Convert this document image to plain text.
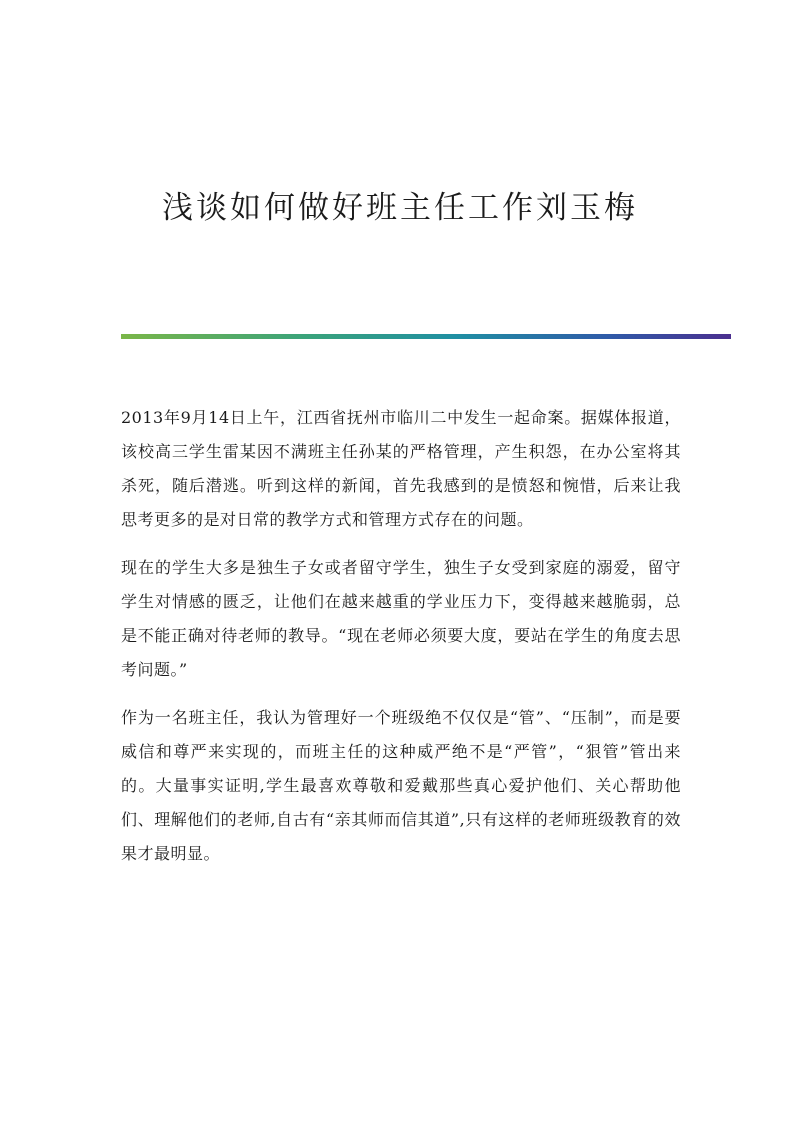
浅谈如何做好班主任工作刘玉梅

2013年9月14日上午，江西省抚州市临川二中发生一起命案。据媒体报道，该校高三学生雷某因不满班主任孙某的严格管理，产生积怨，在办公室将其杀死，随后潜逃。听到这样的新闻，首先我感到的是愤怒和惋惜，后来让我思考更多的是对日常的教学方式和管理方式存在的问题。

现在的学生大多是独生子女或者留守学生，独生子女受到家庭的溺爱，留守学生对情感的匮乏，让他们在越来越重的学业压力下，变得越来越脆弱，总是不能正确对待老师的教导。“现在老师必须要大度，要站在学生的角度去思考问题。”

作为一名班主任，我认为管理好一个班级绝不仅仅是“管”、“压制”，而是要威信和尊严来实现的，而班主任的这种威严绝不是“严管”，“狠管”管出来的。大量事实证明,学生最喜欢尊敬和爱戴那些真心爱护他们、关心帮助他们、理解他们的老师,自古有“亲其师而信其道”,只有这样的老师班级教育的效果才最明显。
